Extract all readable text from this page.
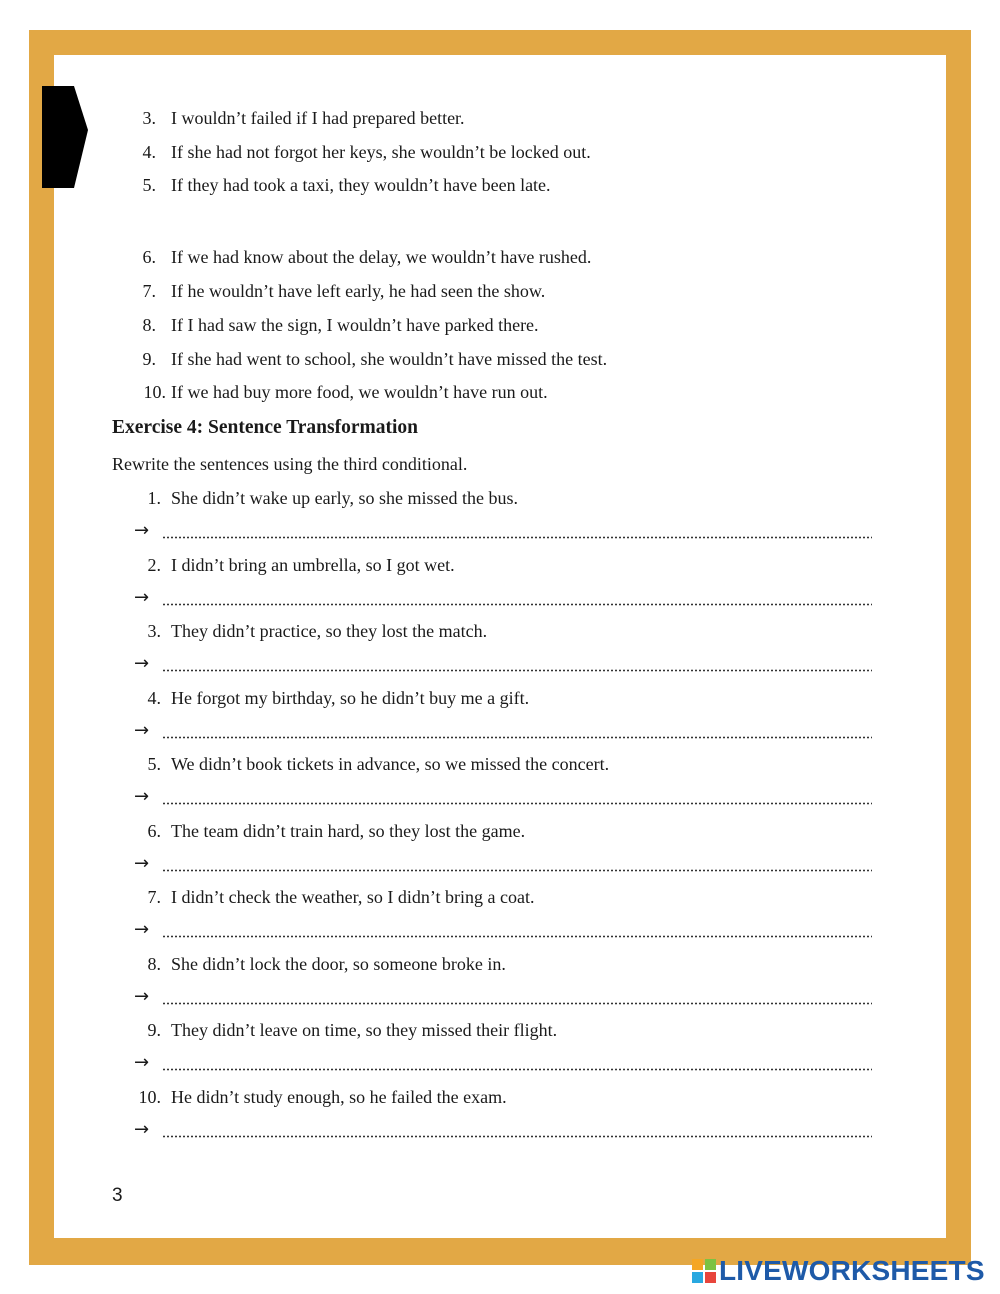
3. I wouldn’t failed if I had prepared better.
4. If she had not forgot her keys, she wouldn’t be locked out.
5. If they had took a taxi, they wouldn’t have been late.
6. If we had know about the delay, we wouldn’t have rushed.
7. If he wouldn’t have left early, he had seen the show.
8. If I had saw the sign, I wouldn’t have parked there.
9. If she had went to school, she wouldn’t have missed the test.
10. If we had buy more food, we wouldn’t have run out.
Exercise 4: Sentence Transformation
Rewrite the sentences using the third conditional.
1. She didn’t wake up early, so she missed the bus.
→
2. I didn’t bring an umbrella, so I got wet.
→
3. They didn’t practice, so they lost the match.
→
4. He forgot my birthday, so he didn’t buy me a gift.
→
5. We didn’t book tickets in advance, so we missed the concert.
→
6. The team didn’t train hard, so they lost the game.
→
7. I didn’t check the weather, so I didn’t bring a coat.
→
8. She didn’t lock the door, so someone broke in.
→
9. They didn’t leave on time, so they missed their flight.
→
10. He didn’t study enough, so he failed the exam.
→
3
LIVEWORKSHEETS
